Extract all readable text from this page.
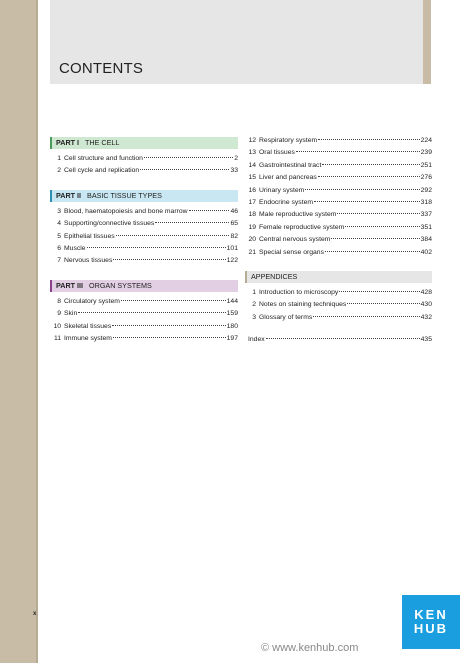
CONTENTS
PART I THE CELL
1 Cell structure and function	2
2 Cell cycle and replication	33
PART II BASIC TISSUE TYPES
3 Blood, haematopoiesis and bone marrow	46
4 Supporting/connective tissues	65
5 Epithelial tissues	82
6 Muscle	101
7 Nervous tissues	122
PART III ORGAN SYSTEMS
8 Circulatory system	144
9 Skin	159
10 Skeletal tissues	180
11 Immune system	197
12 Respiratory system	224
13 Oral tissues	239
14 Gastrointestinal tract	251
15 Liver and pancreas	276
16 Urinary system	292
17 Endocrine system	318
18 Male reproductive system	337
19 Female reproductive system	351
20 Central nervous system	384
21 Special sense organs	402
APPENDICES
1 Introduction to microscopy	428
2 Notes on staining techniques	430
3 Glossary of terms	432
Index	435
x	KEN
HUB
© www.kenhub.com
